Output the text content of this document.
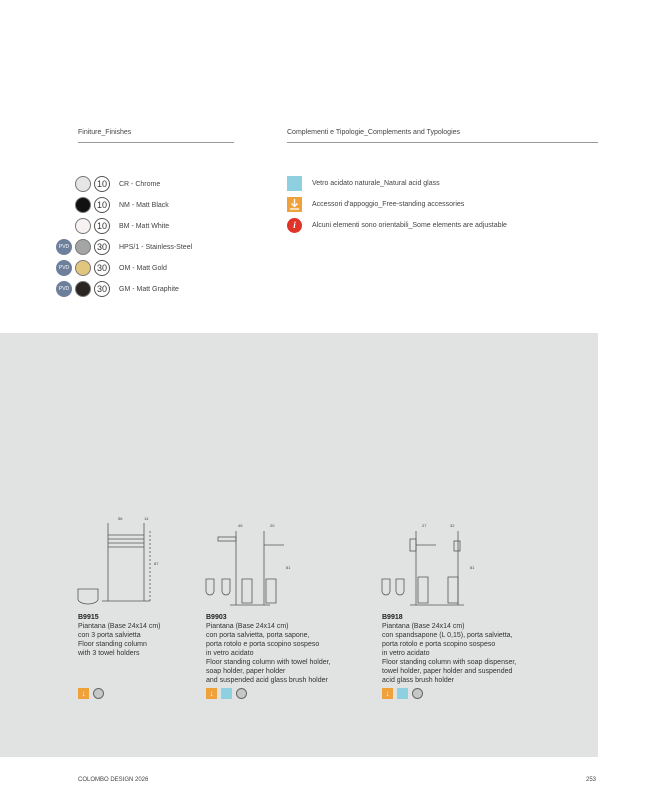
Finiture_Finishes	Complementi e Tipologie_Complements and Typologies
10	CR - Chrome
10	NM - Matt Black
10	BM - Matt White
PVD	30	HPS/1 - Stainless-Steel
PVD	30	OM - Matt Gold
PVD	30	GM - Matt Graphite
Vetro acidato naturale_Natural acid glass
Accessori d'appoggio_Free-standing accessories
i Alcuni elementi sono orientabili_Some elements are adjustable
56	14
87
45	20
81
27	32
81
B9915
Piantana (Base 24x14 cm)
con 3 porta salvietta
Floor standing column
with 3 towel holders
B9903
Piantana (Base 24x14 cm)
con porta salvietta, porta sapone,
porta rotolo e porta scopino sospeso
in vetro acidato
Floor standing column with towel holder,
soap holder, paper holder
and suspended acid glass brush holder
B9918
Piantana (Base 24x14 cm)
con spandsapone (L 0,15), porta salvietta,
porta rotolo e porta scopino sospeso
in vetro acidato
Floor standing column with soap dispenser,
towel holder, paper holder and suspended
acid glass brush holder
↓	↓	↓
COLOMBO DESIGN 2026	253
